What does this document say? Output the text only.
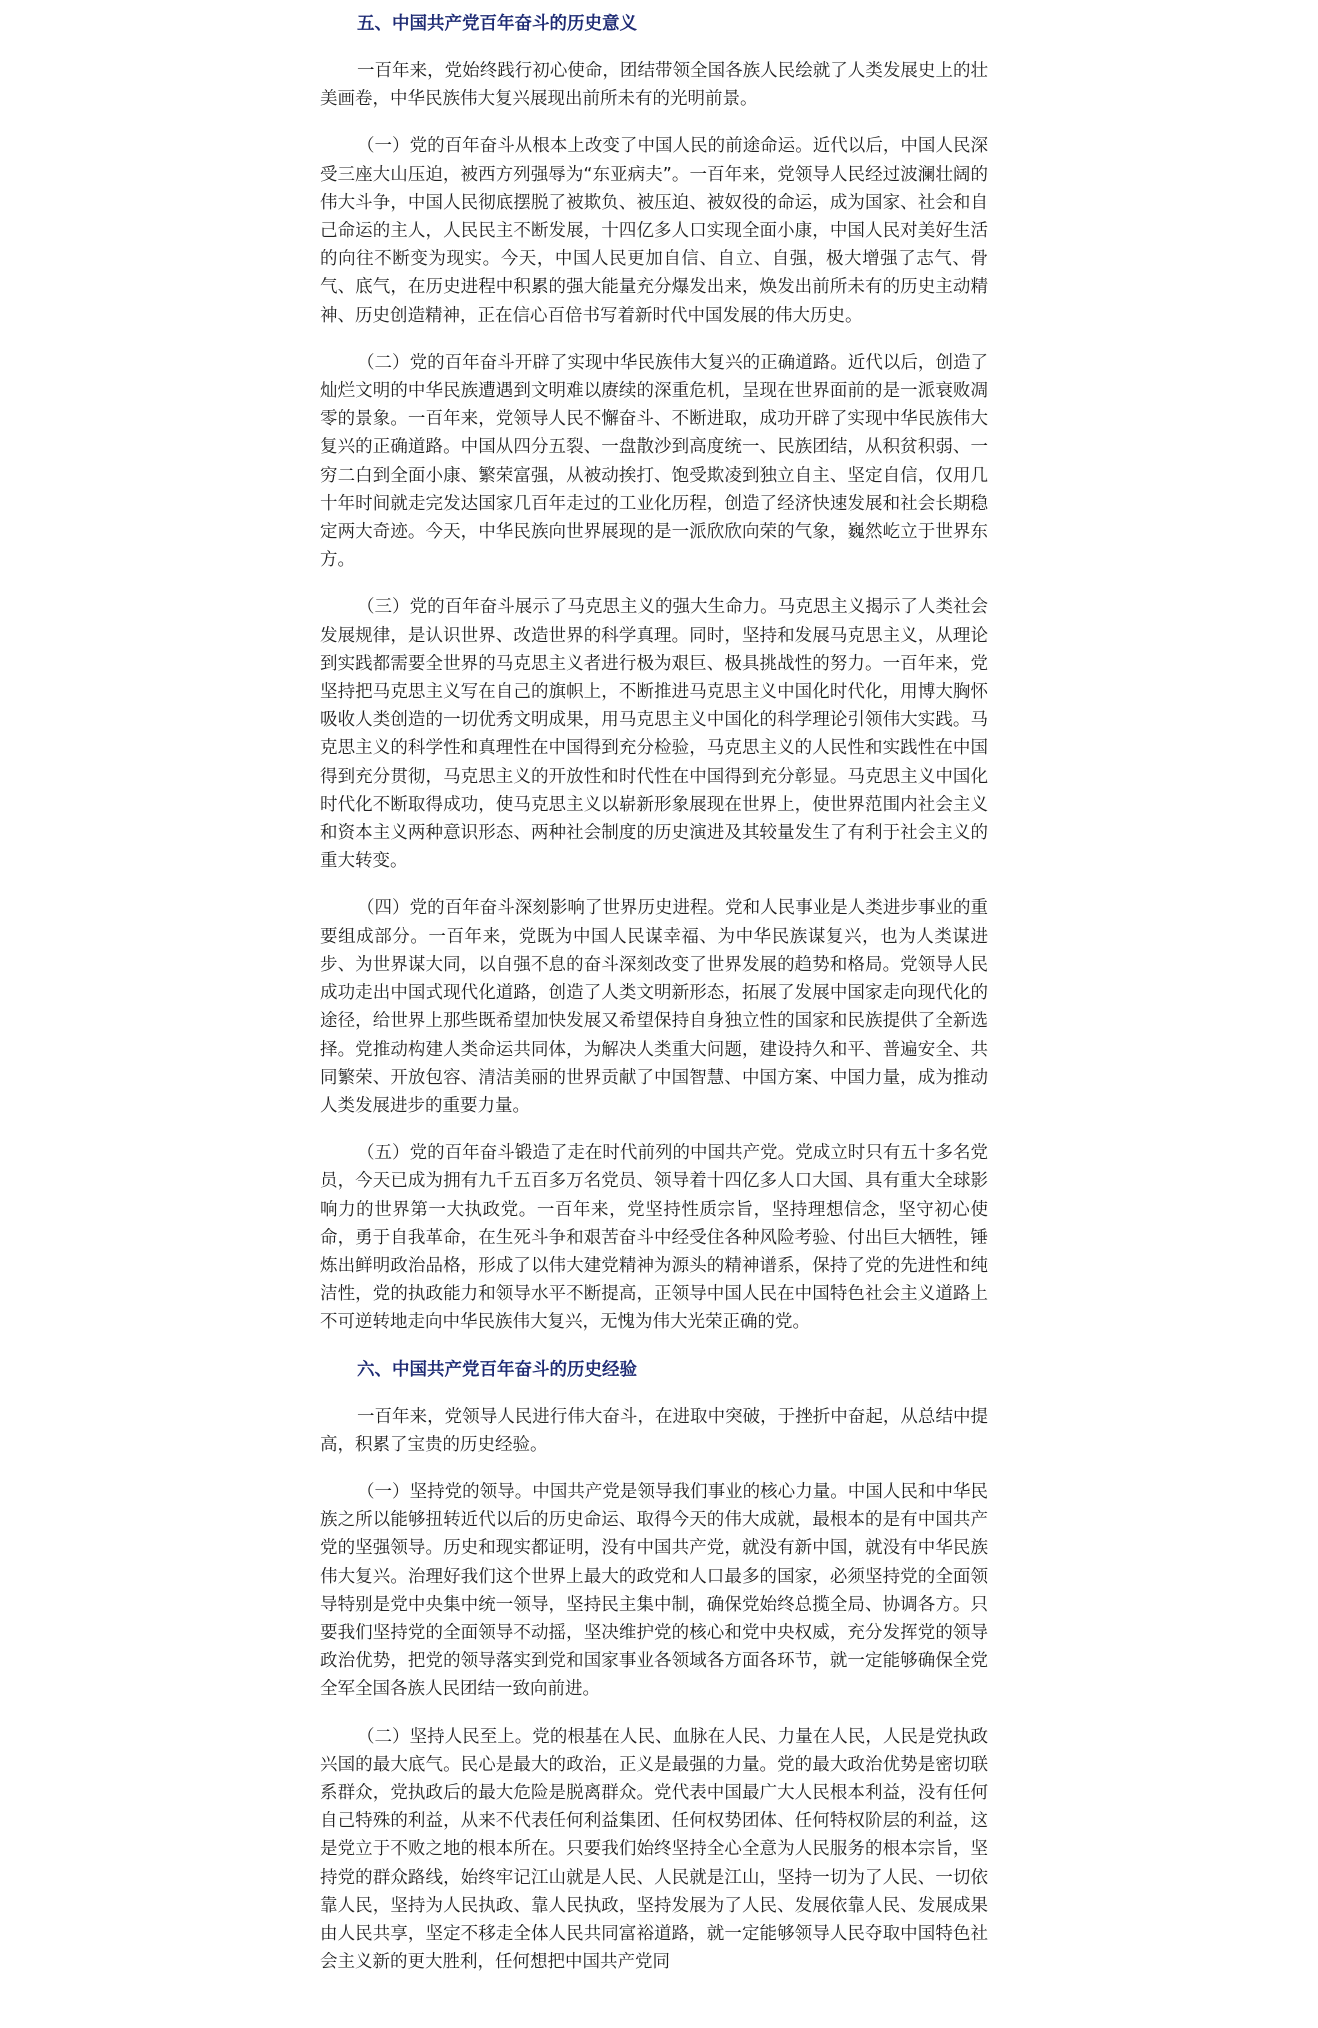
五、中国共产党百年奋斗的历史意义

一百年来，党始终践行初心使命，团结带领全国各族人民绘就了人类发展史上的壮美画卷，中华民族伟大复兴展现出前所未有的光明前景。

（一）党的百年奋斗从根本上改变了中国人民的前途命运。近代以后，中国人民深受三座大山压迫，被西方列强辱为“东亚病夫”。一百年来，党领导人民经过波澜壮阔的伟大斗争，中国人民彻底摆脱了被欺负、被压迫、被奴役的命运，成为国家、社会和自己命运的主人，人民民主不断发展，十四亿多人口实现全面小康，中国人民对美好生活的向往不断变为现实。今天，中国人民更加自信、自立、自强，极大增强了志气、骨气、底气，在历史进程中积累的强大能量充分爆发出来，焕发出前所未有的历史主动精神、历史创造精神，正在信心百倍书写着新时代中国发展的伟大历史。

（二）党的百年奋斗开辟了实现中华民族伟大复兴的正确道路。近代以后，创造了灿烂文明的中华民族遭遇到文明难以赓续的深重危机，呈现在世界面前的是一派衰败凋零的景象。一百年来，党领导人民不懈奋斗、不断进取，成功开辟了实现中华民族伟大复兴的正确道路。中国从四分五裂、一盘散沙到高度统一、民族团结，从积贫积弱、一穷二白到全面小康、繁荣富强，从被动挨打、饱受欺凌到独立自主、坚定自信，仅用几十年时间就走完发达国家几百年走过的工业化历程，创造了经济快速发展和社会长期稳定两大奇迹。今天，中华民族向世界展现的是一派欣欣向荣的气象，巍然屹立于世界东方。

（三）党的百年奋斗展示了马克思主义的强大生命力。马克思主义揭示了人类社会发展规律，是认识世界、改造世界的科学真理。同时，坚持和发展马克思主义，从理论到实践都需要全世界的马克思主义者进行极为艰巨、极具挑战性的努力。一百年来，党坚持把马克思主义写在自己的旗帜上，不断推进马克思主义中国化时代化，用博大胸怀吸收人类创造的一切优秀文明成果，用马克思主义中国化的科学理论引领伟大实践。马克思主义的科学性和真理性在中国得到充分检验，马克思主义的人民性和实践性在中国得到充分贯彻，马克思主义的开放性和时代性在中国得到充分彰显。马克思主义中国化时代化不断取得成功，使马克思主义以崭新形象展现在世界上，使世界范围内社会主义和资本主义两种意识形态、两种社会制度的历史演进及其较量发生了有利于社会主义的重大转变。

（四）党的百年奋斗深刻影响了世界历史进程。党和人民事业是人类进步事业的重要组成部分。一百年来，党既为中国人民谋幸福、为中华民族谋复兴，也为人类谋进步、为世界谋大同，以自强不息的奋斗深刻改变了世界发展的趋势和格局。党领导人民成功走出中国式现代化道路，创造了人类文明新形态，拓展了发展中国家走向现代化的途径，给世界上那些既希望加快发展又希望保持自身独立性的国家和民族提供了全新选择。党推动构建人类命运共同体，为解决人类重大问题，建设持久和平、普遍安全、共同繁荣、开放包容、清洁美丽的世界贡献了中国智慧、中国方案、中国力量，成为推动人类发展进步的重要力量。

（五）党的百年奋斗锻造了走在时代前列的中国共产党。党成立时只有五十多名党员，今天已成为拥有九千五百多万名党员、领导着十四亿多人口大国、具有重大全球影响力的世界第一大执政党。一百年来，党坚持性质宗旨，坚持理想信念，坚守初心使命，勇于自我革命，在生死斗争和艰苦奋斗中经受住各种风险考验、付出巨大牺牲，锤炼出鲜明政治品格，形成了以伟大建党精神为源头的精神谱系，保持了党的先进性和纯洁性，党的执政能力和领导水平不断提高，正领导中国人民在中国特色社会主义道路上不可逆转地走向中华民族伟大复兴，无愧为伟大光荣正确的党。

六、中国共产党百年奋斗的历史经验

一百年来，党领导人民进行伟大奋斗，在进取中突破，于挫折中奋起，从总结中提高，积累了宝贵的历史经验。

（一）坚持党的领导。中国共产党是领导我们事业的核心力量。中国人民和中华民族之所以能够扭转近代以后的历史命运、取得今天的伟大成就，最根本的是有中国共产党的坚强领导。历史和现实都证明，没有中国共产党，就没有新中国，就没有中华民族伟大复兴。治理好我们这个世界上最大的政党和人口最多的国家，必须坚持党的全面领导特别是党中央集中统一领导，坚持民主集中制，确保党始终总揽全局、协调各方。只要我们坚持党的全面领导不动摇，坚决维护党的核心和党中央权威，充分发挥党的领导政治优势，把党的领导落实到党和国家事业各领域各方面各环节，就一定能够确保全党全军全国各族人民团结一致向前进。

（二）坚持人民至上。党的根基在人民、血脉在人民、力量在人民，人民是党执政兴国的最大底气。民心是最大的政治，正义是最强的力量。党的最大政治优势是密切联系群众，党执政后的最大危险是脱离群众。党代表中国最广大人民根本利益，没有任何自己特殊的利益，从来不代表任何利益集团、任何权势团体、任何特权阶层的利益，这是党立于不败之地的根本所在。只要我们始终坚持全心全意为人民服务的根本宗旨，坚持党的群众路线，始终牢记江山就是人民、人民就是江山，坚持一切为了人民、一切依靠人民，坚持为人民执政、靠人民执政，坚持发展为了人民、发展依靠人民、发展成果由人民共享，坚定不移走全体人民共同富裕道路，就一定能够领导人民夺取中国特色社会主义新的更大胜利，任何想把中国共产党同
